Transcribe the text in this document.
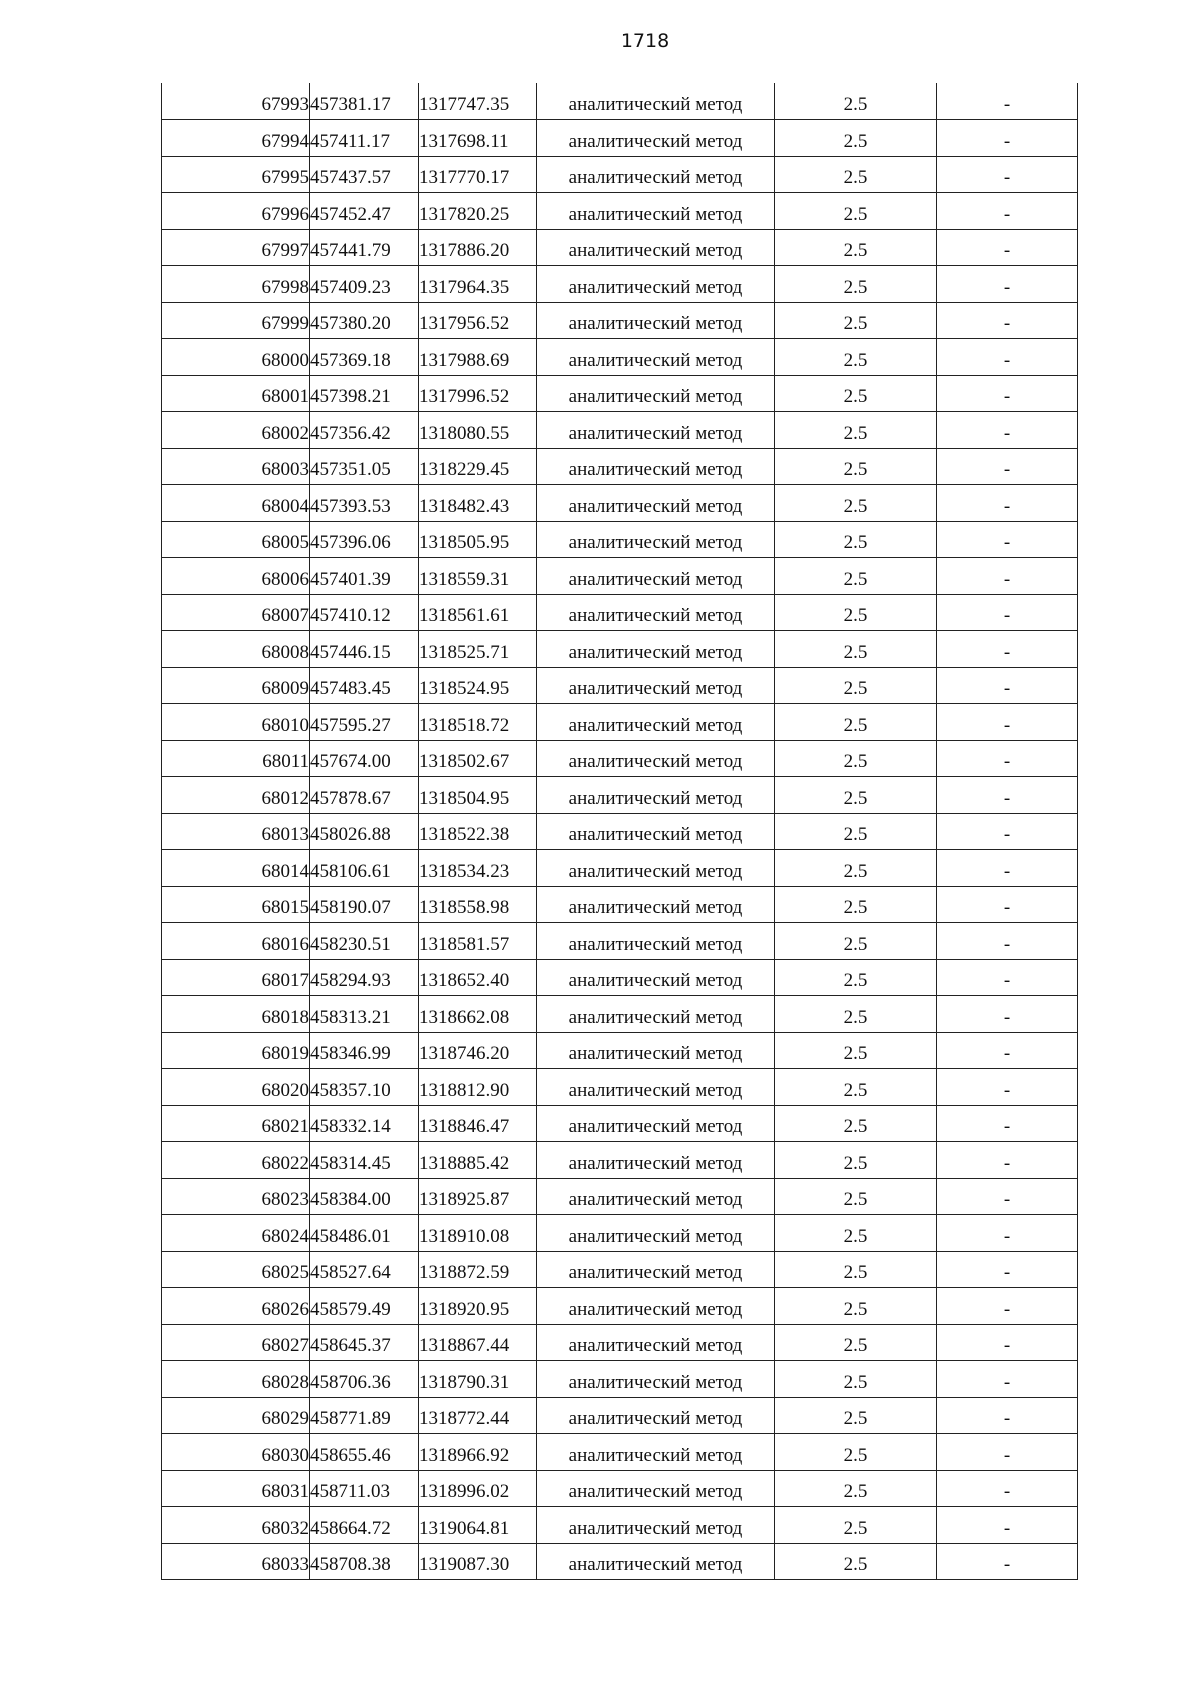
1718
67993	457381.17	1317747.35	аналитический метод	2.5	-
67994	457411.17	1317698.11	аналитический метод	2.5	-
67995	457437.57	1317770.17	аналитический метод	2.5	-
67996	457452.47	1317820.25	аналитический метод	2.5	-
67997	457441.79	1317886.20	аналитический метод	2.5	-
67998	457409.23	1317964.35	аналитический метод	2.5	-
67999	457380.20	1317956.52	аналитический метод	2.5	-
68000	457369.18	1317988.69	аналитический метод	2.5	-
68001	457398.21	1317996.52	аналитический метод	2.5	-
68002	457356.42	1318080.55	аналитический метод	2.5	-
68003	457351.05	1318229.45	аналитический метод	2.5	-
68004	457393.53	1318482.43	аналитический метод	2.5	-
68005	457396.06	1318505.95	аналитический метод	2.5	-
68006	457401.39	1318559.31	аналитический метод	2.5	-
68007	457410.12	1318561.61	аналитический метод	2.5	-
68008	457446.15	1318525.71	аналитический метод	2.5	-
68009	457483.45	1318524.95	аналитический метод	2.5	-
68010	457595.27	1318518.72	аналитический метод	2.5	-
68011	457674.00	1318502.67	аналитический метод	2.5	-
68012	457878.67	1318504.95	аналитический метод	2.5	-
68013	458026.88	1318522.38	аналитический метод	2.5	-
68014	458106.61	1318534.23	аналитический метод	2.5	-
68015	458190.07	1318558.98	аналитический метод	2.5	-
68016	458230.51	1318581.57	аналитический метод	2.5	-
68017	458294.93	1318652.40	аналитический метод	2.5	-
68018	458313.21	1318662.08	аналитический метод	2.5	-
68019	458346.99	1318746.20	аналитический метод	2.5	-
68020	458357.10	1318812.90	аналитический метод	2.5	-
68021	458332.14	1318846.47	аналитический метод	2.5	-
68022	458314.45	1318885.42	аналитический метод	2.5	-
68023	458384.00	1318925.87	аналитический метод	2.5	-
68024	458486.01	1318910.08	аналитический метод	2.5	-
68025	458527.64	1318872.59	аналитический метод	2.5	-
68026	458579.49	1318920.95	аналитический метод	2.5	-
68027	458645.37	1318867.44	аналитический метод	2.5	-
68028	458706.36	1318790.31	аналитический метод	2.5	-
68029	458771.89	1318772.44	аналитический метод	2.5	-
68030	458655.46	1318966.92	аналитический метод	2.5	-
68031	458711.03	1318996.02	аналитический метод	2.5	-
68032	458664.72	1319064.81	аналитический метод	2.5	-
68033	458708.38	1319087.30	аналитический метод	2.5	-
